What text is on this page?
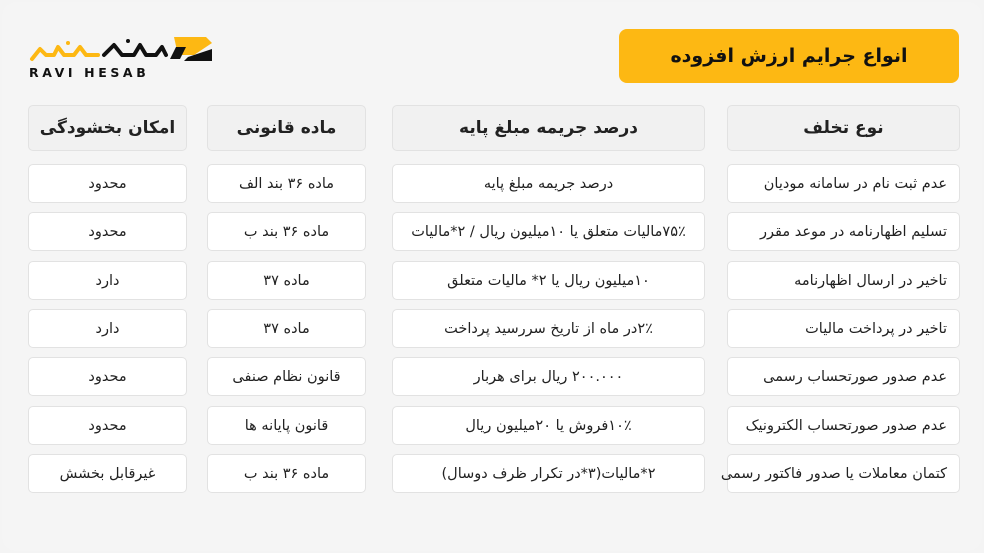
RAVI HESAB
انواع جرایم ارزش افزوده
نوع تخلف
درصد جریمه مبلغ پایه
ماده قانونی
امکان بخشودگی
عدم ثبت نام در سامانه مودیان
درصد جریمه مبلغ پایه
ماده ۳۶ بند الف
محدود
تسلیم اظهارنامه در موعد مقرر
۷۵٪مالیات متعلق یا ۱۰میلیون ریال / ۲*مالیات
ماده ۳۶ بند ب
محدود
تاخیر در ارسال اظهارنامه
۱۰میلیون ریال یا ۲* مالیات متعلق
ماده ۳۷
دارد
تاخیر در پرداخت مالیات
۲٪در ماه از تاریخ سررسید پرداخت
ماده ۳۷
دارد
عدم صدور صورتحساب رسمی
۲۰۰.۰۰۰ ریال برای هربار
قانون نظام صنفی
محدود
عدم صدور صورتحساب الکترونیک
۱۰٪فروش یا ۲۰میلیون ریال
قانون پایانه ها
محدود
کتمان معاملات یا صدور فاکتور رسمی
۲*مالیات(۳*در تکرار ظرف دوسال)
ماده ۳۶ بند ب
غیرقابل بخشش
